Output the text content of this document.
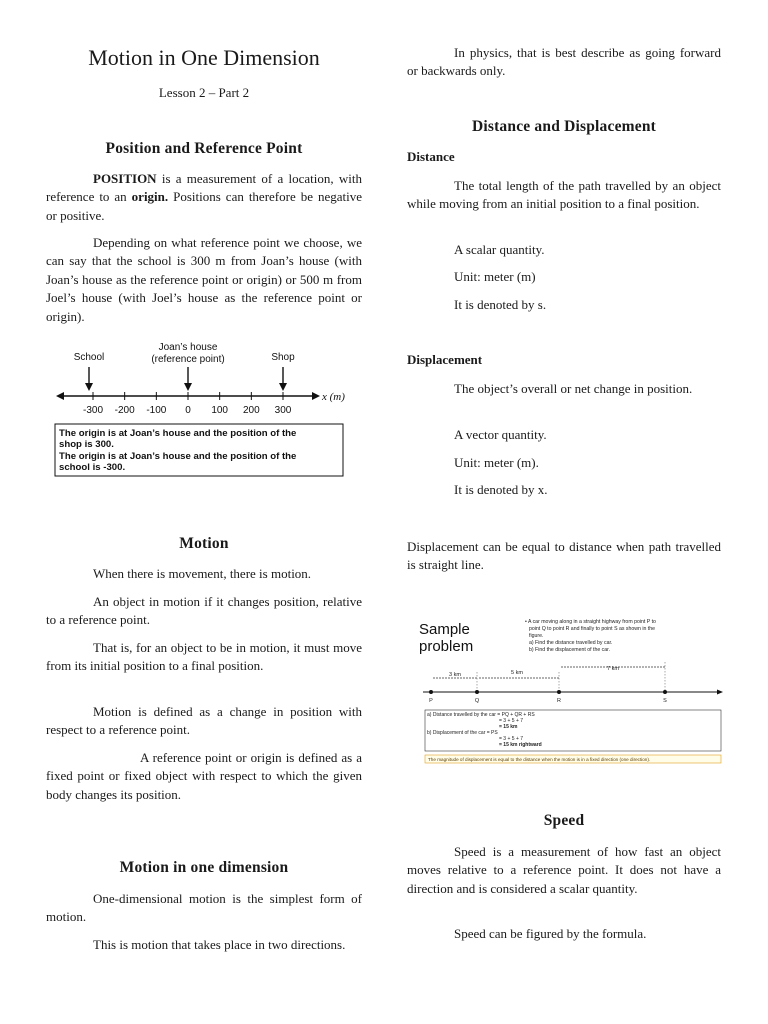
Motion in One Dimension

Lesson 2 – Part 2

Position and Reference Point

POSITION is a measurement of a location, with reference to an origin. Positions can therefore be negative or positive.

Depending on what reference point we choose, we can say that the school is 300 m from Joan’s house (with Joan’s house as the reference point or origin) or 500 m from Joel’s house (with Joel’s house as the reference point or origin).

School
Joan’s house
(reference point)	Shop
-300 -200 -100 0 100 200 300
x (m)
The origin is at Joan’s house and the position of the
shop is 300.
The origin is at Joan’s house and the position of the
school is -300.
Motion

When there is movement, there is motion.

An object in motion if it changes position, relative to a reference point.

That is, for an object to be in motion, it must move from its initial position to a final position.

Motion is defined as a change in position with respect to a reference point.

A reference point or origin is defined as a fixed point or fixed object with respect to which the given body changes its position.

Motion in one dimension

One-dimensional motion is the simplest form of motion.

This is motion that takes place in two directions.

In physics, that is best describe as going forward or backwards only.

Distance and Displacement

Distance

The total length of the path travelled by an object while moving from an initial position to a final position.

A scalar quantity.

Unit: meter (m)

It is denoted by s.

Displacement

The object’s overall or net change in position.

A vector quantity.

Unit: meter (m).

It is denoted by x.

Displacement can be equal to distance when path travelled is straight line.

Sample
problem
• A car moving along in a straight highway from point P to
point Q to point R and finally to point S as shown in the
figure.
a) Find the distance travelled by car.
b) Find the displacement of the car.
3 km	5 km
7 km
P	Q	R	S
a) Distance travelled by the car = PQ + QR + RS
= 3 + 5 + 7
= 15 km
b) Displacement of the car = PS
= 3 + 5 + 7
= 15 km rightward
The magnitude of displacement is equal to the distance when the motion is in a fixed direction (one direction).
Speed

Speed is a measurement of how fast an object moves relative to a reference point. It does not have a direction and is considered a scalar quantity.

Speed can be figured by the formula.
